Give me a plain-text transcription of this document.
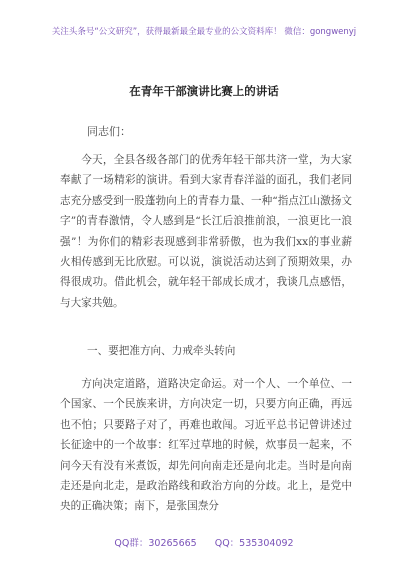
关注头条号“公文研究”，获得最新最全最专业的公文资料库！ 微信：gongwenyj
在青年干部演讲比赛上的讲话
同志们：
今天，全县各级各部门的优秀年轻干部共济一堂，为大家奉献了一场精彩的演讲。看到大家青春洋溢的面孔，我们老同志充分感受到一股蓬勃向上的青春力量、一种“指点江山激扬文字”的青春激情，令人感到是“长江后浪推前浪，一浪更比一浪强”！为你们的精彩表现感到非常骄傲，也为我们xx的事业薪火相传感到无比欣慰。可以说，演说活动达到了预期效果，办得很成功。借此机会，就年轻干部成长成才，我谈几点感悟，与大家共勉。
一、要把准方向、力戒牵头转向
方向决定道路，道路决定命运。对一个人、一个单位、一个国家、一个民族来讲，方向决定一切，只要方向正确，再远也不怕；只要路子对了，再难也敢闯。习近平总书记曾讲述过长征途中的一个故事：红军过草地的时候，炊事员一起来，不问今天有没有米煮饭，却先问向南走还是向北走。当时是向南走还是向北走，是政治路线和政治方向的分歧。北上，是党中央的正确决策；南下，是张国焘分
QQ群：30265665 QQ：535304092
